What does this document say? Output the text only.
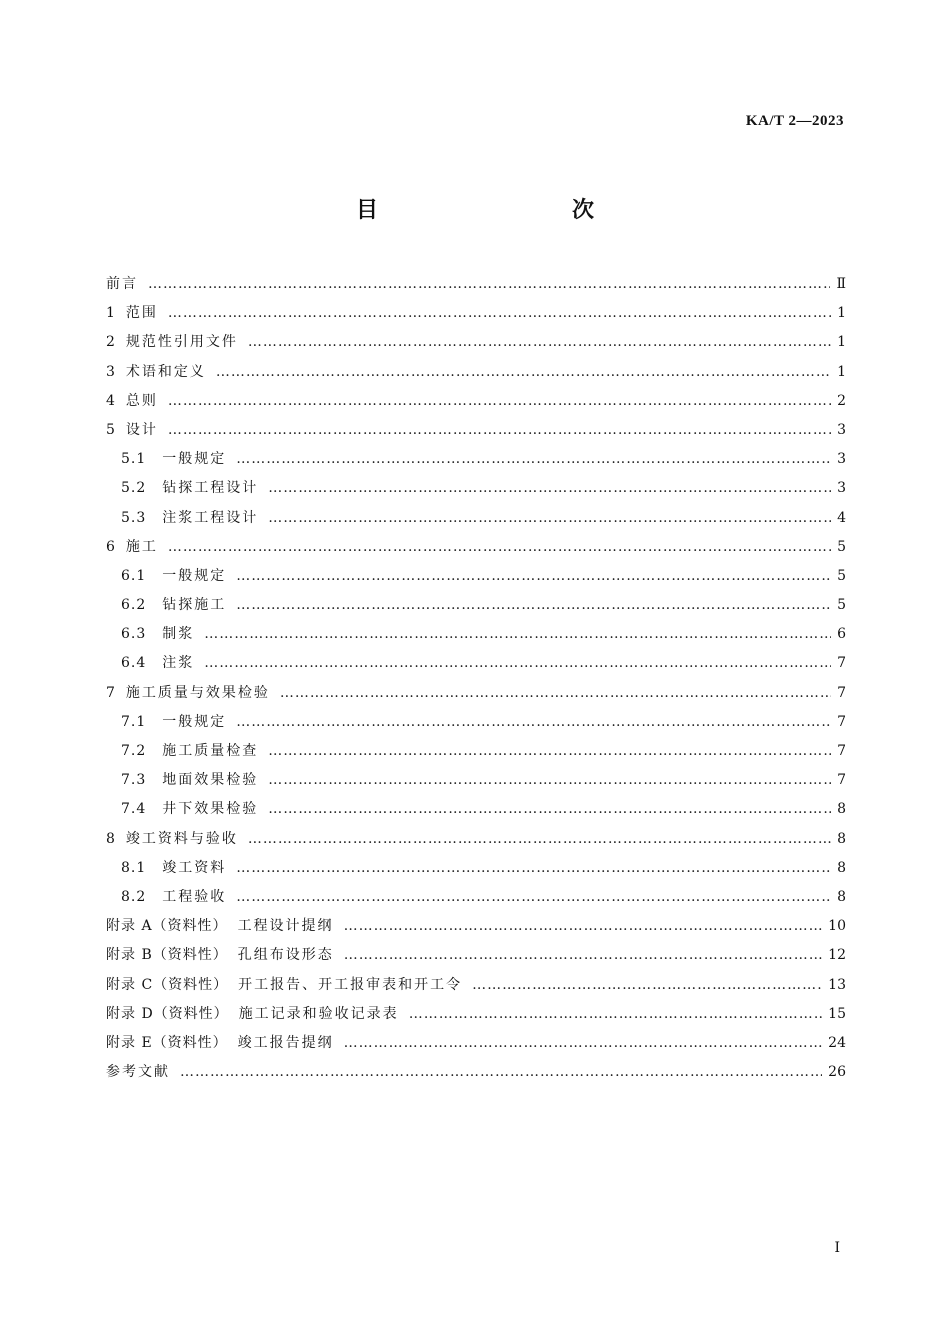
KA/T 2—2023
目　　次
前言 …………………………………………………………………………………………………………………………………………………………………………………………………	Ⅱ
1 范围 …………………………………………………………………………………………………………………………………………………………………………………………………	1
2 规范性引用文件 …………………………………………………………………………………………………………………………………………………………………………………………………	1
3 术语和定义 …………………………………………………………………………………………………………………………………………………………………………………………………	1
4 总则 …………………………………………………………………………………………………………………………………………………………………………………………………	2
5 设计 …………………………………………………………………………………………………………………………………………………………………………………………………	3
5.1 一般规定 …………………………………………………………………………………………………………………………………………………………………………………………………	3
5.2 钻探工程设计 …………………………………………………………………………………………………………………………………………………………………………………………………	3
5.3 注浆工程设计 …………………………………………………………………………………………………………………………………………………………………………………………………	4
6 施工 …………………………………………………………………………………………………………………………………………………………………………………………………	5
6.1 一般规定 …………………………………………………………………………………………………………………………………………………………………………………………………	5
6.2 钻探施工 …………………………………………………………………………………………………………………………………………………………………………………………………	5
6.3 制浆 …………………………………………………………………………………………………………………………………………………………………………………………………	6
6.4 注浆 …………………………………………………………………………………………………………………………………………………………………………………………………	7
7 施工质量与效果检验 …………………………………………………………………………………………………………………………………………………………………………………………………	7
7.1 一般规定 …………………………………………………………………………………………………………………………………………………………………………………………………	7
7.2 施工质量检查 …………………………………………………………………………………………………………………………………………………………………………………………………	7
7.3 地面效果检验 …………………………………………………………………………………………………………………………………………………………………………………………………	7
7.4 井下效果检验 …………………………………………………………………………………………………………………………………………………………………………………………………	8
8 竣工资料与验收 …………………………………………………………………………………………………………………………………………………………………………………………………	8
8.1 竣工资料 …………………………………………………………………………………………………………………………………………………………………………………………………	8
8.2 工程验收 …………………………………………………………………………………………………………………………………………………………………………………………………	8
附录 A（资料性） 工程设计提纲 …………………………………………………………………………………………………………………………………………………………………………………………………	10
附录 B（资料性） 孔组布设形态 …………………………………………………………………………………………………………………………………………………………………………………………………	12
附录 C（资料性） 开工报告、开工报审表和开工令 …………………………………………………………………………………………………………………………………………………………………………………………………	13
附录 D（资料性） 施工记录和验收记录表 …………………………………………………………………………………………………………………………………………………………………………………………………	15
附录 E（资料性） 竣工报告提纲 …………………………………………………………………………………………………………………………………………………………………………………………………	24
参考文献 …………………………………………………………………………………………………………………………………………………………………………………………………	26
I
